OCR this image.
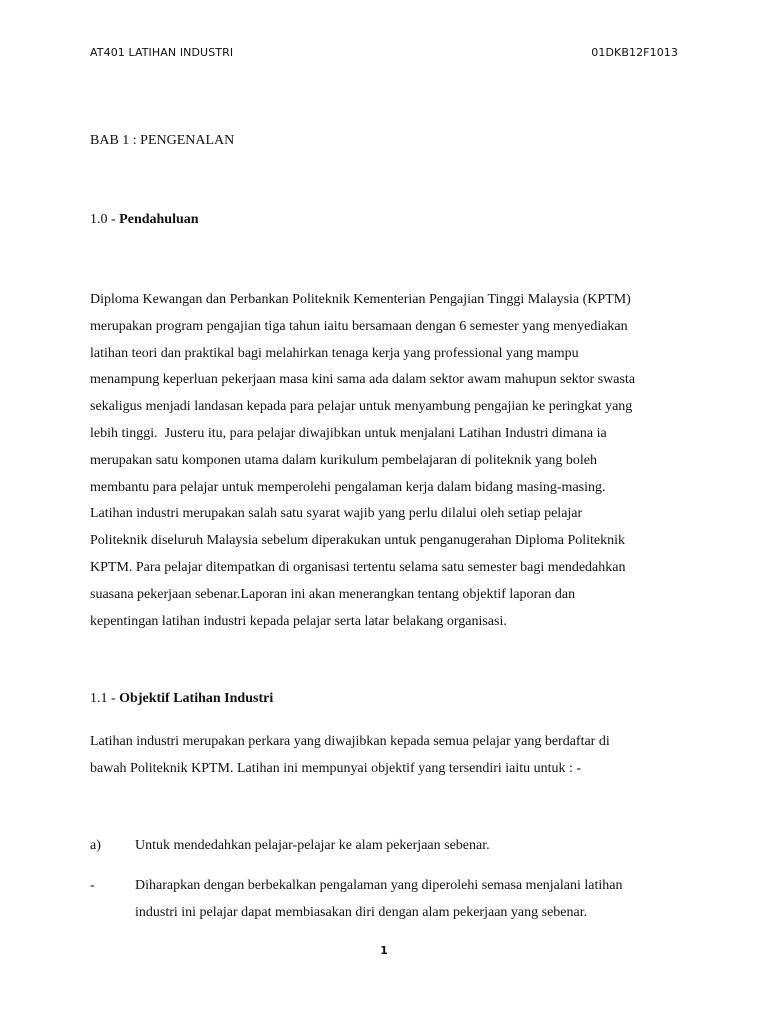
AT401 LATIHAN INDUSTRI	01DKB12F1013
BAB 1 : PENGENALAN
1.0 - Pendahuluan
Diploma Kewangan dan Perbankan Politeknik Kementerian Pengajian Tinggi Malaysia (KPTM)
merupakan program pengajian tiga tahun iaitu bersamaan dengan 6 semester yang menyediakan
latihan teori dan praktikal bagi melahirkan tenaga kerja yang professional yang mampu
menampung keperluan pekerjaan masa kini sama ada dalam sektor awam mahupun sektor swasta
sekaligus menjadi landasan kepada para pelajar untuk menyambung pengajian ke peringkat yang
lebih tinggi.  Justeru itu, para pelajar diwajibkan untuk menjalani Latihan Industri dimana ia
merupakan satu komponen utama dalam kurikulum pembelajaran di politeknik yang boleh
membantu para pelajar untuk memperolehi pengalaman kerja dalam bidang masing-masing.
Latihan industri merupakan salah satu syarat wajib yang perlu dilalui oleh setiap pelajar
Politeknik diseluruh Malaysia sebelum diperakukan untuk penganugerahan Diploma Politeknik
KPTM. Para pelajar ditempatkan di organisasi tertentu selama satu semester bagi mendedahkan
suasana pekerjaan sebenar.Laporan ini akan menerangkan tentang objektif laporan dan
kepentingan latihan industri kepada pelajar serta latar belakang organisasi.
1.1 - Objektif Latihan Industri
Latihan industri merupakan perkara yang diwajibkan kepada semua pelajar yang berdaftar di
bawah Politeknik KPTM. Latihan ini mempunyai objektif yang tersendiri iaitu untuk : -
a) Untuk mendedahkan pelajar-pelajar ke alam pekerjaan sebenar.
-	Diharapkan dengan berbekalkan pengalaman yang diperolehi semasa menjalani latihan
industri ini pelajar dapat membiasakan diri dengan alam pekerjaan yang sebenar.
1
